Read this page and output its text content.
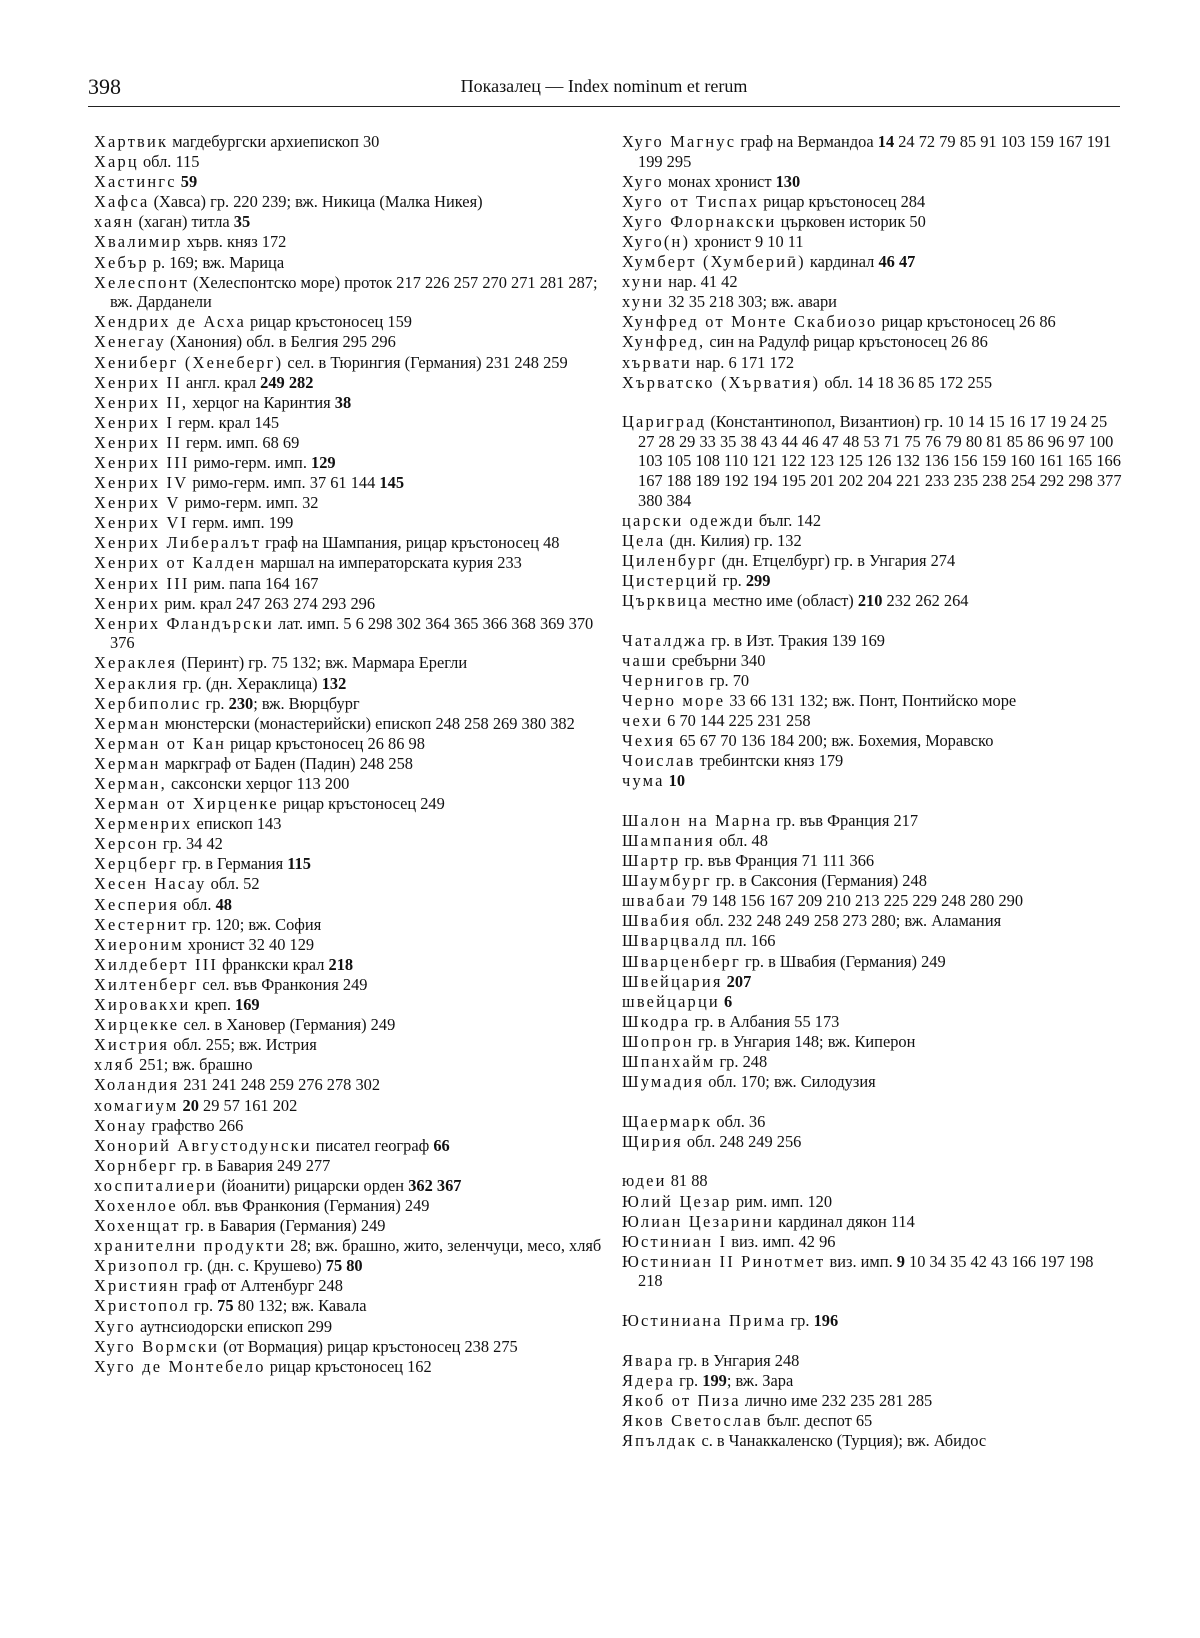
398	Показалец — Index nominum et rerum
Хартвик магдебургски архиепископ 30
Харц обл. 115
Хастингс 59
Хафса (Хавса) гр. 220 239; вж. Никица (Малка Никея)
хаян (хаган) титла 35
Хвалимир хърв. княз 172
Хебър р. 169; вж. Марица
Хелеспонт (Хелеспонтско море) проток 217 226 257 270 271 281 287; вж. Дарданели
Хендрих де Асха рицар кръстоносец 159
Хенегау (Ханония) обл. в Белгия 295 296
Хениберг (Хенеберг) сел. в Тюрингия (Германия) 231 248 259
Хенрих II англ. крал 249 282
Хенрих II, херцог на Каринтия 38
Хенрих I герм. крал 145
Хенрих II герм. имп. 68 69
Хенрих III римо-герм. имп. 129
Хенрих IV римо-герм. имп. 37 61 144 145
Хенрих V римо-герм. имп. 32
Хенрих VI герм. имп. 199
Хенрих Либералът граф на Шампания, рицар кръстоносец 48
Хенрих от Калден маршал на императорската курия 233
Хенрих III рим. папа 164 167
Хенрих рим. крал 247 263 274 293 296
Хенрих Фландърски лат. имп. 5 6 298 302 364 365 366 368 369 370 376
Хераклея (Перинт) гр. 75 132; вж. Мармара Ерегли
Хераклия гр. (дн. Хераклица) 132
Хербиполис гр. 230; вж. Вюрцбург
Херман мюнстерски (монастерийски) епископ 248 258 269 380 382
Херман от Кан рицар кръстоносец 26 86 98
Херман маркграф от Баден (Падин) 248 258
Херман, саксонски херцог 113 200
Херман от Хирценке рицар кръстоносец 249
Херменрих епископ 143
Херсон гр. 34 42
Херцберг гр. в Германия 115
Хесен Насау обл. 52
Хесперия обл. 48
Хестернит гр. 120; вж. София
Хиероним хронист 32 40 129
Хилдеберт III франкски крал 218
Хилтенберг сел. във Франкония 249
Хировакхи креп. 169
Хирцекке сел. в Хановер (Германия) 249
Хистрия обл. 255; вж. Истрия
хляб 251; вж. брашно
Холандия 231 241 248 259 276 278 302
хомагиум 20 29 57 161 202
Хонау графство 266
Хонорий Августодунски писател географ 66
Хорнберг гр. в Бавария 249 277
хоспиталиери (йоанити) рицарски орден 362 367
Хохенлое обл. във Франкония (Германия) 249
Хохенщат гр. в Бавария (Германия) 249
хранителни продукти 28; вж. брашно, жито, зеленчуци, месо, хляб
Хризопол гр. (дн. с. Крушево) 75 80
Християн граф от Алтенбург 248
Христопол гр. 75 80 132; вж. Кавала
Хуго аутнсиодорски епископ 299
Хуго Вормски (от Вормация) рицар кръстоносец 238 275
Хуго де Монтебело рицар кръстоносец 162
Хуго Магнус граф на Вермандоа 14 24 72 79 85 91 103 159 167 191 199 295
Хуго монах хронист 130
Хуго от Тиспах рицар кръстоносец 284
Хуго Флорнакски църковен историк 50
Хуго(н) хронист 9 10 11
Хумберт (Хумбериӣ) кардинал 46 47
хуни нар. 41 42
хуни 32 35 218 303; вж. авари
Хунфред от Монте Скабиозо рицар кръстоносец 26 86
Хунфред, син на Радулф рицар кръстоносец 26 86
хървати нар. 6 171 172
Хърватско (Хърватия) обл. 14 18 36 85 172 255
Цариград (Константинопол, Византион) гр. 10 14 15 16 17 19 24 25 27 28 29 33 35 38 43 44 46 47 48 53 71 75 76 79 80 81 85 86 96 97 100 103 105 108 110 121 122 123 125 126 132 136 156 159 160 161 165 166 167 188 189 192 194 195 201 202 204 221 233 235 238 254 292 298 377 380 384
царски одежди бълг. 142
Цела (дн. Килия) гр. 132
Циленбург (дн. Етцелбург) гр. в Унгария 274
Цистерций гр. 299
Църквица местно име (област) 210 232 262 264
Чаталджа гр. в Изт. Тракия 139 169
чаши сребърни 340
Чернигов гр. 70
Черно море 33 66 131 132; вж. Понт, Понтийско море
чехи 6 70 144 225 231 258
Чехия 65 67 70 136 184 200; вж. Бохемия, Моравско
Чоислав требинтски княз 179
чума 10
Шалон на Марна гр. във Франция 217
Шампания обл. 48
Шартр гр. във Франция 71 111 366
Шаумбург гр. в Саксония (Германия) 248
швабаи 79 148 156 167 209 210 213 225 229 248 280 290
Швабия обл. 232 248 249 258 273 280; вж. Аламания
Шварцвалд пл. 166
Шварценберг гр. в Швабия (Германия) 249
Швейцария 207
швейцарци 6
Шкодра гр. в Албания 55 173
Шопрон гр. в Унгария 148; вж. Киперон
Шпанхайм гр. 248
Шумадия обл. 170; вж. Силодузия
Щаермарк обл. 36
Щирия обл. 248 249 256
юдеи 81 88
Юлий Цезар рим. имп. 120
Юлиан Цезарини кардинал дякон 114
Юстиниан I виз. имп. 42 96
Юстиниан II Ринотмет виз. имп. 9 10 34 35 42 43 166 197 198 218
Юстиниана Прима гр. 196
Явара гр. в Унгария 248
Ядера гр. 199; вж. Зара
Якоб от Пиза лично име 232 235 281 285
Яков Светослав бълг. деспот 65
Япълдак с. в Чанаккаленско (Турция); вж. Абидос
